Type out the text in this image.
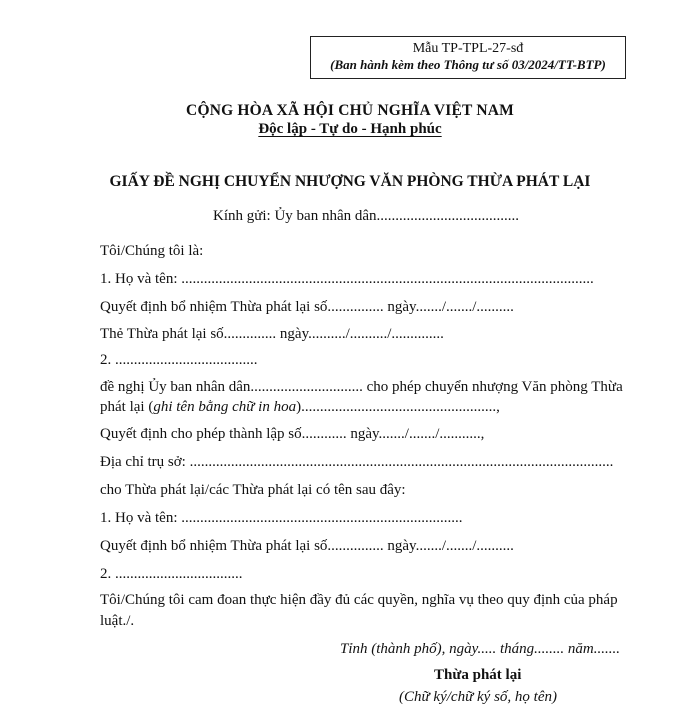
Mẫu TP-TPL-27-sđ
(Ban hành kèm theo Thông tư số 03/2024/TT-BTP)
CỘNG HÒA XÃ HỘI CHỦ NGHĨA VIỆT NAM
Độc lập - Tự do - Hạnh phúc
GIẤY ĐỀ NGHỊ CHUYỂN NHƯỢNG VĂN PHÒNG THỪA PHÁT LẠI
Kính gửi: Ủy ban nhân dân......................................
Tôi/Chúng tôi là:
1. Họ và tên: ..............................................................................................................
Quyết định bổ nhiệm Thừa phát lại số............... ngày......./......./..........
Thẻ Thừa phát lại số.............. ngày........../........../..............
2. ......................................
đề nghị Ủy ban nhân dân.............................. cho phép chuyển nhượng Văn phòng Thừa
phát lại (ghi tên bằng chữ in hoa)....................................................,
Quyết định cho phép thành lập số............ ngày......./......./...........,
Địa chỉ trụ sở: .................................................................................................................
cho Thừa phát lại/các Thừa phát lại có tên sau đây:
1. Họ và tên: ...........................................................................
Quyết định bổ nhiệm Thừa phát lại số............... ngày......./......./..........
2. ..................................
Tôi/Chúng tôi cam đoan thực hiện đầy đủ các quyền, nghĩa vụ theo quy định của pháp
luật./.
Tỉnh (thành phố), ngày..... tháng........ năm.......
Thừa phát lại
(Chữ ký/chữ ký số, họ tên)
